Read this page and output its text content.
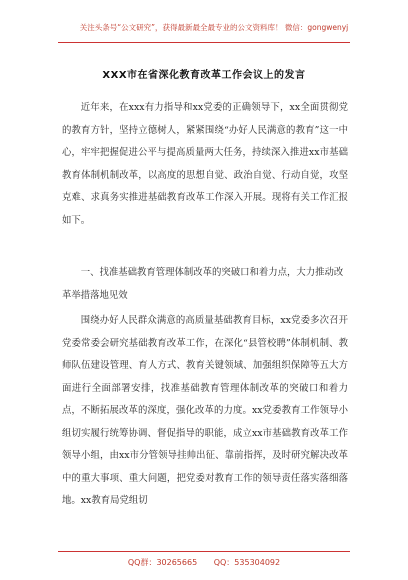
关注头条号“公文研究”，获得最新最全最专业的公文资料库！ 微信：gongwenyj
XXX市在省深化教育改革工作会议上的发言

近年来，在xxx有力指导和xx党委的正确领导下，xx全面贯彻党的教育方针，坚持立德树人，紧紧围绕“办好人民满意的教育”这一中心，牢牢把握促进公平与提高质量两大任务，持续深入推进xx市基础教育体制机制改革，以高度的思想自觉、政治自觉、行动自觉，攻坚克难、求真务实推进基础教育改革工作深入开展。现将有关工作汇报如下。

一、找准基础教育管理体制改革的突破口和着力点，大力推动改革举措落地见效

围绕办好人民群众满意的高质量基础教育目标，xx党委多次召开党委常委会研究基础教育改革工作，在深化“县管校聘”体制机制、教师队伍建设管理、育人方式、教育关键领域、加强组织保障等五大方面进行全面部署安排，找准基础教育管理体制改革的突破口和着力点，不断拓展改革的深度，强化改革的力度。xx党委教育工作领导小组切实履行统筹协调、督促指导的职能，成立xx市基础教育改革工作领导小组，由xx市分管领导挂帅出征、靠前指挥，及时研究解决改革中的重大事项、重大问题，把党委对教育工作的领导责任落实落细落地。xx教育局党组切

QQ群：30265665 QQ：535304092
